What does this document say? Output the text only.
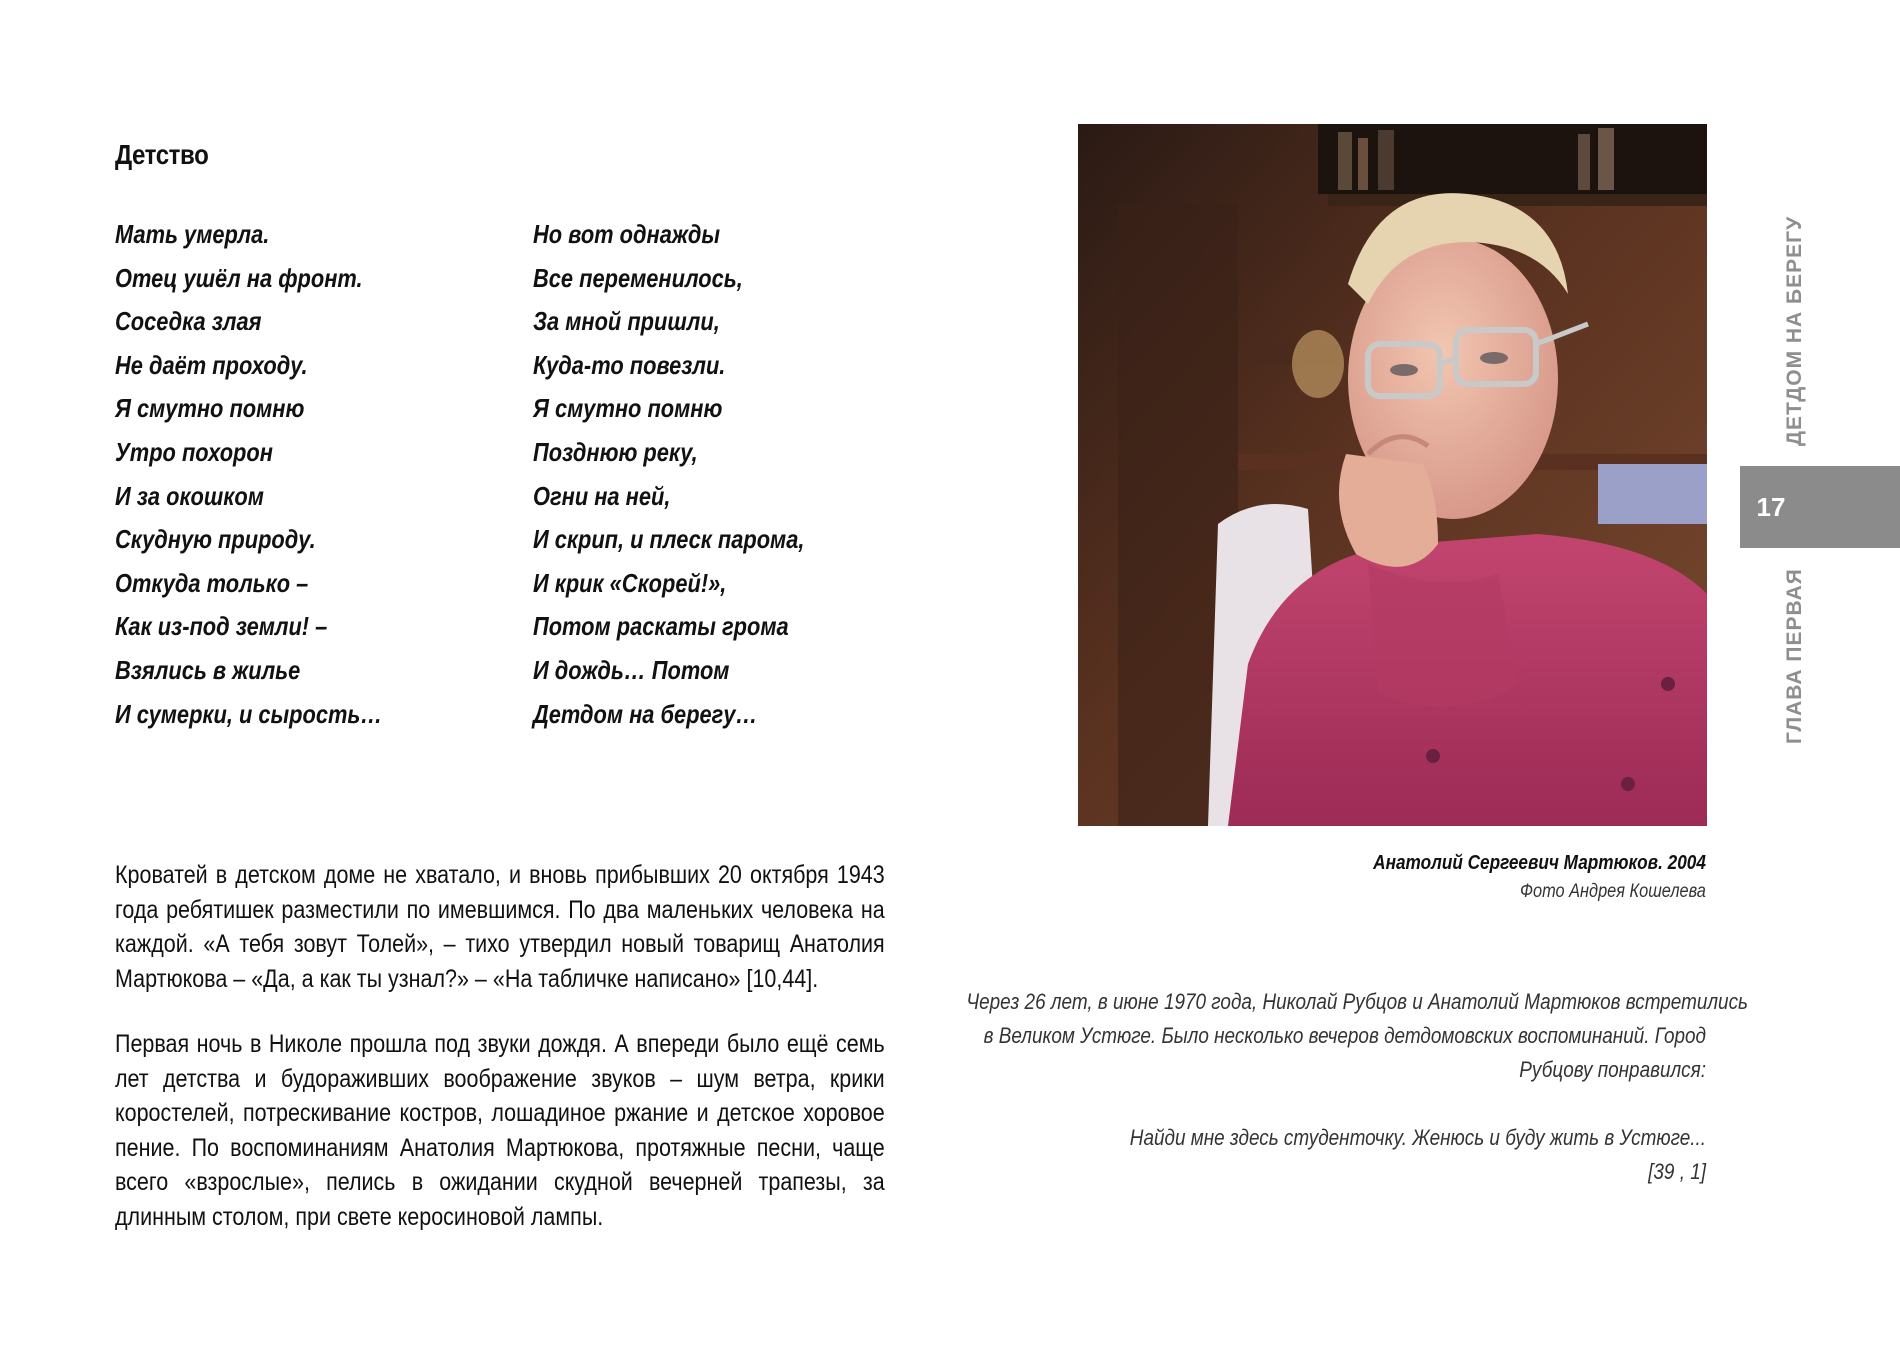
Детство
Мать умерла.
Отец ушёл на фронт.
Соседка злая
Не даёт проходу.
Я смутно помню
Утро похорон
И за окошком
Скудную природу.
Откуда только –
Как из-под земли! –
Взялись в жилье
И сумерки, и сырость…
Но вот однажды
Все переменилось,
За мной пришли,
Куда-то повезли.
Я смутно помню
Позднюю реку,
Огни на ней,
И скрип, и плеск парома,
И крик «Скорей!»,
Потом раскаты грома
И дождь… Потом
Детдом на берегу…
Анатолий Сергеевич Мартюков. 2004
Фото Андрея Кошелева

Кроватей в детском доме не хватало, и вновь прибывших 20 октября 1943 года ребятишек разместили по имевшимся. По два маленьких человека на каждой. «А тебя зовут Толей», – тихо утвердил новый товарищ Анатолия Мартюкова – «Да, а как ты узнал?» – «На табличке написано» [10,44].

Первая ночь в Николе прошла под звуки дождя. А впереди было ещё семь лет детства и будораживших воображение звуков – шум ветра, крики коростелей, потрескивание костров, лошадиное ржание и детское хоровое пение. По воспоминаниям Анатолия Мартюкова, протяжные песни, чаще всего «взрослые», пелись в ожидании скудной вечерней трапезы, за длинным столом, при свете керосиновой лампы.

Через 26 лет, в июне 1970 года, Николай Рубцов и Анатолий Мартюков встретились
в Великом Устюге. Было несколько вечеров детдомовских воспоминаний. Город
Рубцову понравился:
Найди мне здесь студенточку. Женюсь и буду жить в Устюге...
[39 , 1]
17
ДЕТДОМ НА БЕРЕГУ
ГЛАВА ПЕРВАЯ
